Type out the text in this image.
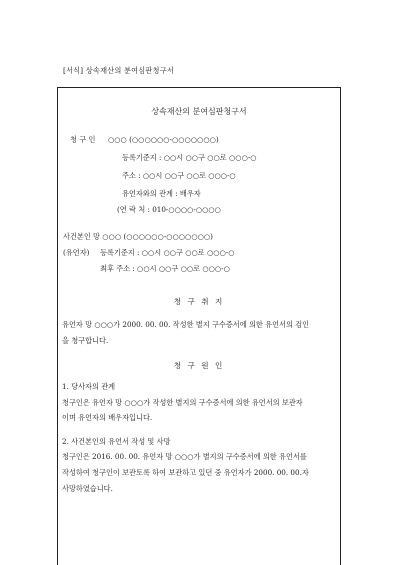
[서식] 상속재산의 분여심판청구서
상속재산의 분여심판청구서
청 구 인 ○○○ (○○○○○○-○○○○○○○)
등록기준지 : ○○시 ○○구 ○○로 ○○○-○
주소 : ○○시 ○○구 ○○로 ○○○-○
유언자와의 관계 : 배우자
(연 락 처 : 010-○○○○-○○○○
사건본인 망 ○○○ (○○○○○○-○○○○○○○)
(유언자) 등록기준지 : ○○시 ○○구 ○○로 ○○○-○
최후 주소 : ○○시 ○○구 ○○로 ○○○-○
청 구 취 지
유언자 망 ○○○가 2000. 00. 00. 작성한 별지 구수증서에 의한 유언서의 검인
을 청구합니다.
청 구 원 인
1. 당사자의 관계
청구인은 유언자 망 ○○○가 작성한 별지의 구수증서에 의한 유언서의 보관자
이며 유언자의 배우자입니다.
2. 사건본인의 유언서 작성 및 사망
청구인은 2016. 00. 00. 유언자 망 ○○○가 별지의 구수증서에 의한 유언서를
작성하여 청구인이 보관토록 하여 보관하고 있던 중 유언자가 2000. 00. 00.자
사망하였습니다.
